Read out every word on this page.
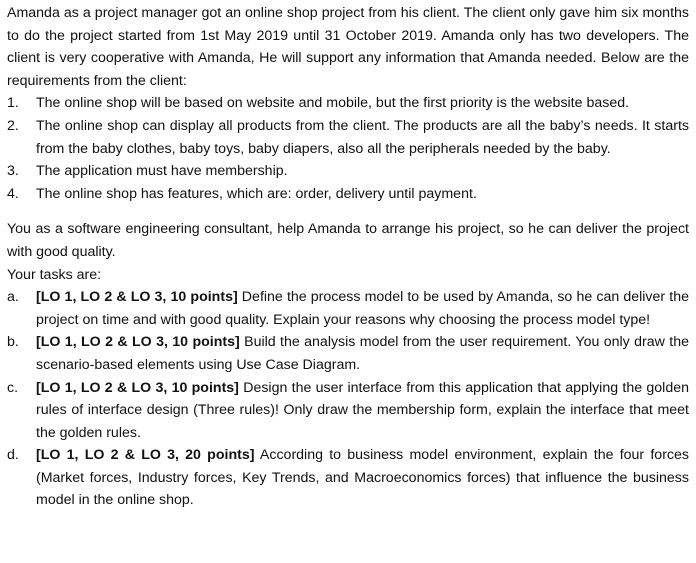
Amanda as a project manager got an online shop project from his client. The client only gave him six months to do the project started from 1st May 2019 until 31 October 2019. Amanda only has two developers. The client is very cooperative with Amanda, He will support any information that Amanda needed. Below are the requirements from the client:

1.	The online shop will be based on website and mobile, but the first priority is the website based.
2.	The online shop can display all products from the client. The products are all the baby’s needs. It starts from the baby clothes, baby toys, baby diapers, also all the peripherals needed by the baby.
3.	The application must have membership.
4.	The online shop has features, which are: order, delivery until payment.

You as a software engineering consultant, help Amanda to arrange his project, so he can deliver the project with good quality.

Your tasks are:

a.	[LO 1, LO 2 & LO 3, 10 points] Define the process model to be used by Amanda, so he can deliver the project on time and with good quality. Explain your reasons why choosing the process model type!
b.	[LO 1, LO 2 & LO 3, 10 points] Build the analysis model from the user requirement. You only draw the scenario-based elements using Use Case Diagram.
c.	[LO 1, LO 2 & LO 3, 10 points] Design the user interface from this application that applying the golden rules of interface design (Three rules)! Only draw the membership form, explain the interface that meet the golden rules.
d.	[LO 1, LO 2 & LO 3, 20 points] According to business model environment, explain the four forces (Market forces, Industry forces, Key Trends, and Macroeconomics forces) that influence the business model in the online shop.
